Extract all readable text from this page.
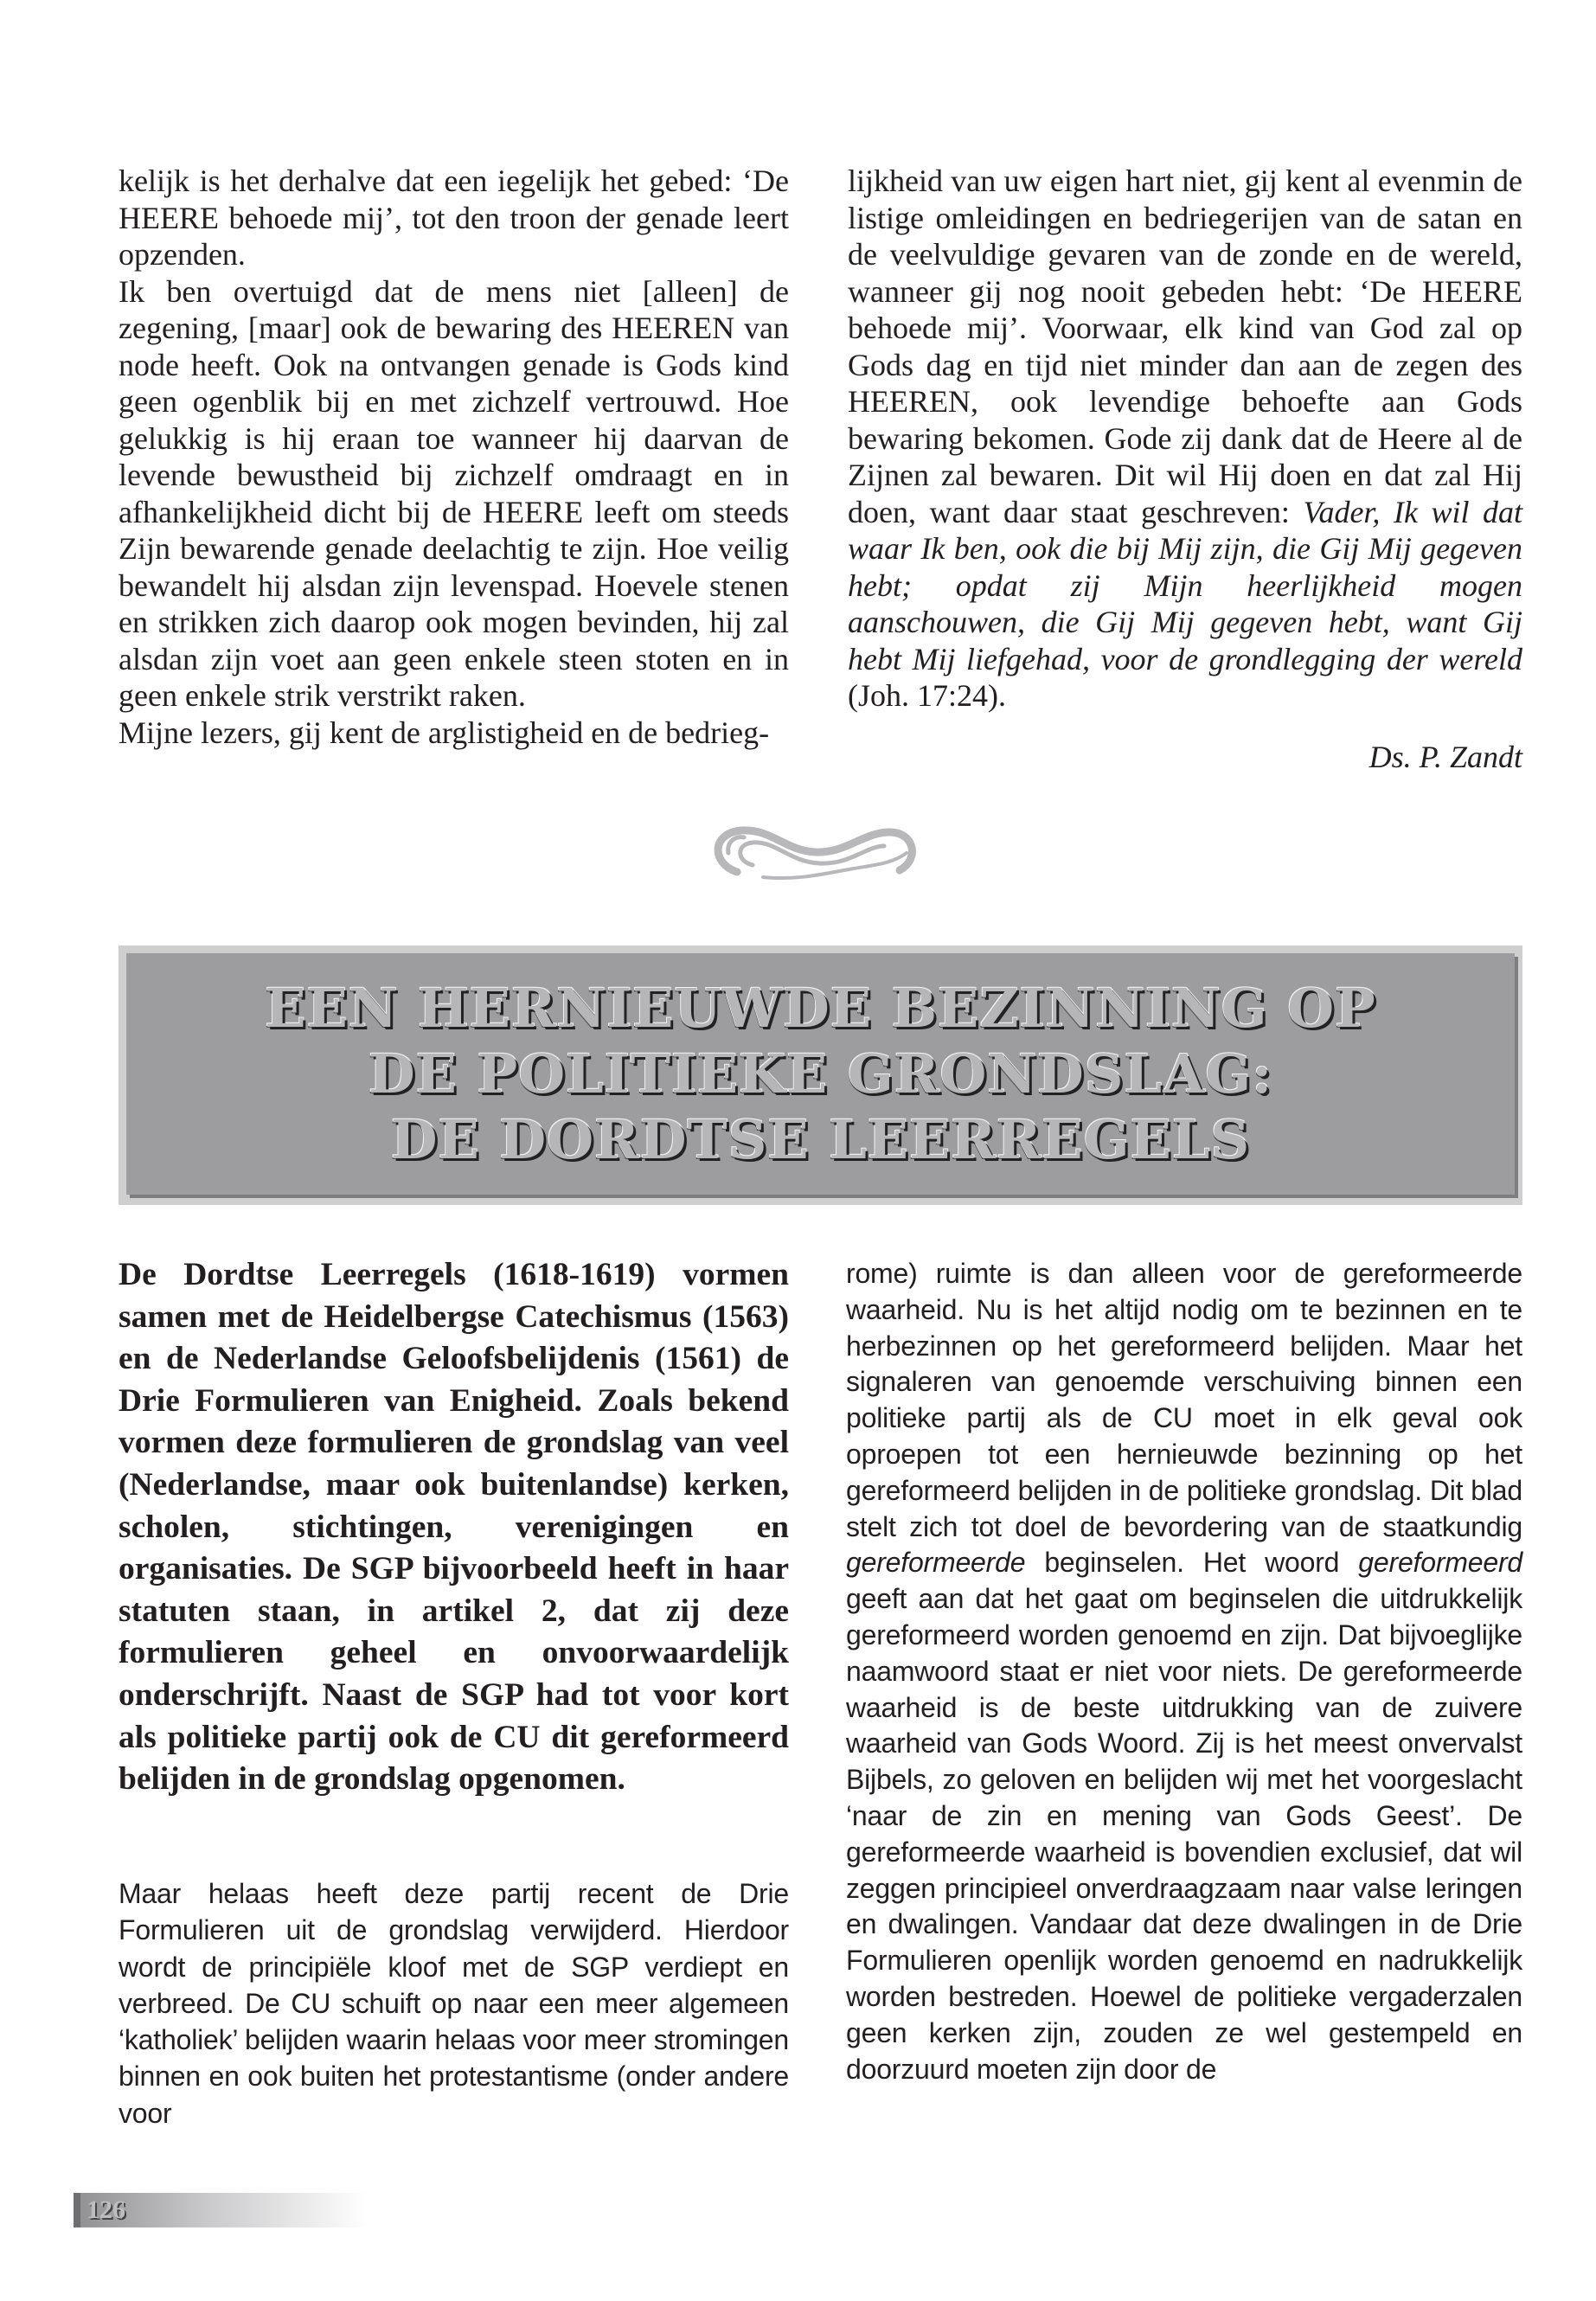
kelijk is het derhalve dat een iegelijk het gebed: ‘De HEERE behoede mij’, tot den troon der genade leert opzenden.

Ik ben overtuigd dat de mens niet [alleen] de zegening, [maar] ook de bewaring des HEEREN van node heeft. Ook na ontvangen genade is Gods kind geen ogenblik bij en met zichzelf vertrouwd. Hoe gelukkig is hij eraan toe wanneer hij daarvan de levende bewustheid bij zichzelf omdraagt en in afhankelijkheid dicht bij de HEERE leeft om steeds Zijn bewarende genade deelachtig te zijn. Hoe veilig bewandelt hij alsdan zijn levenspad. Hoevele stenen en strikken zich daarop ook mogen bevinden, hij zal alsdan zijn voet aan geen enkele steen stoten en in geen enkele strik verstrikt raken.

Mijne lezers, gij kent de arglistigheid en de bedrieg-

lijkheid van uw eigen hart niet, gij kent al evenmin de listige omleidingen en bedriegerijen van de satan en de veelvuldige gevaren van de zonde en de wereld, wanneer gij nog nooit gebeden hebt: ‘De HEERE behoede mij’. Voorwaar, elk kind van God zal op Gods dag en tijd niet minder dan aan de zegen des HEEREN, ook levendige behoefte aan Gods bewaring bekomen. Gode zij dank dat de Heere al de Zijnen zal bewaren. Dit wil Hij doen en dat zal Hij doen, want daar staat geschreven: Vader, Ik wil dat waar Ik ben, ook die bij Mij zijn, die Gij Mij gegeven hebt; opdat zij Mijn heerlijkheid mogen aanschouwen, die Gij Mij gegeven hebt, want Gij hebt Mij liefgehad, voor de grondlegging der wereld (Joh. 17:24).

Ds. P. Zandt

EEN HERNIEUWDE BEZINNING OP
DE POLITIEKE GRONDSLAG:
DE DORDTSE LEERREGELS

De Dordtse Leerregels (1618-1619) vormen samen met de Heidelbergse Catechismus (1563) en de Nederlandse Geloofsbelijdenis (1561) de Drie Formulieren van Enigheid. Zoals bekend vormen deze formulieren de grondslag van veel (Nederlandse, maar ook buitenlandse) kerken, scholen, stichtingen, verenigingen en organisaties. De SGP bijvoorbeeld heeft in haar statuten staan, in artikel 2, dat zij deze formulieren geheel en onvoorwaardelijk onderschrijft. Naast de SGP had tot voor kort als politieke partij ook de CU dit gereformeerd belijden in de grondslag opgenomen.

Maar helaas heeft deze partij recent de Drie Formulieren uit de grondslag verwijderd. Hierdoor wordt de principiële kloof met de SGP verdiept en verbreed. De CU schuift op naar een meer algemeen ‘katholiek’ belijden waarin helaas voor meer stromingen binnen en ook buiten het protestantisme (onder andere voor

rome) ruimte is dan alleen voor de gereformeerde waarheid. Nu is het altijd nodig om te bezinnen en te herbezinnen op het gereformeerd belijden. Maar het signaleren van genoemde verschuiving binnen een politieke partij als de CU moet in elk geval ook oproepen tot een hernieuwde bezinning op het gereformeerd belijden in de politieke grondslag. Dit blad stelt zich tot doel de bevordering van de staatkundig gereformeerde beginselen. Het woord gereformeerd geeft aan dat het gaat om beginselen die uitdrukkelijk gereformeerd worden genoemd en zijn. Dat bijvoeglijke naamwoord staat er niet voor niets. De gereformeerde waarheid is de beste uitdrukking van de zuivere waarheid van Gods Woord. Zij is het meest onvervalst Bijbels, zo geloven en belijden wij met het voorgeslacht ‘naar de zin en mening van Gods Geest’. De gereformeerde waarheid is bovendien exclusief, dat wil zeggen principieel onverdraagzaam naar valse leringen en dwalingen. Vandaar dat deze dwalingen in de Drie Formulieren openlijk worden genoemd en nadrukkelijk worden bestreden. Hoewel de politieke vergaderzalen geen kerken zijn, zouden ze wel gestempeld en doorzuurd moeten zijn door de

126
